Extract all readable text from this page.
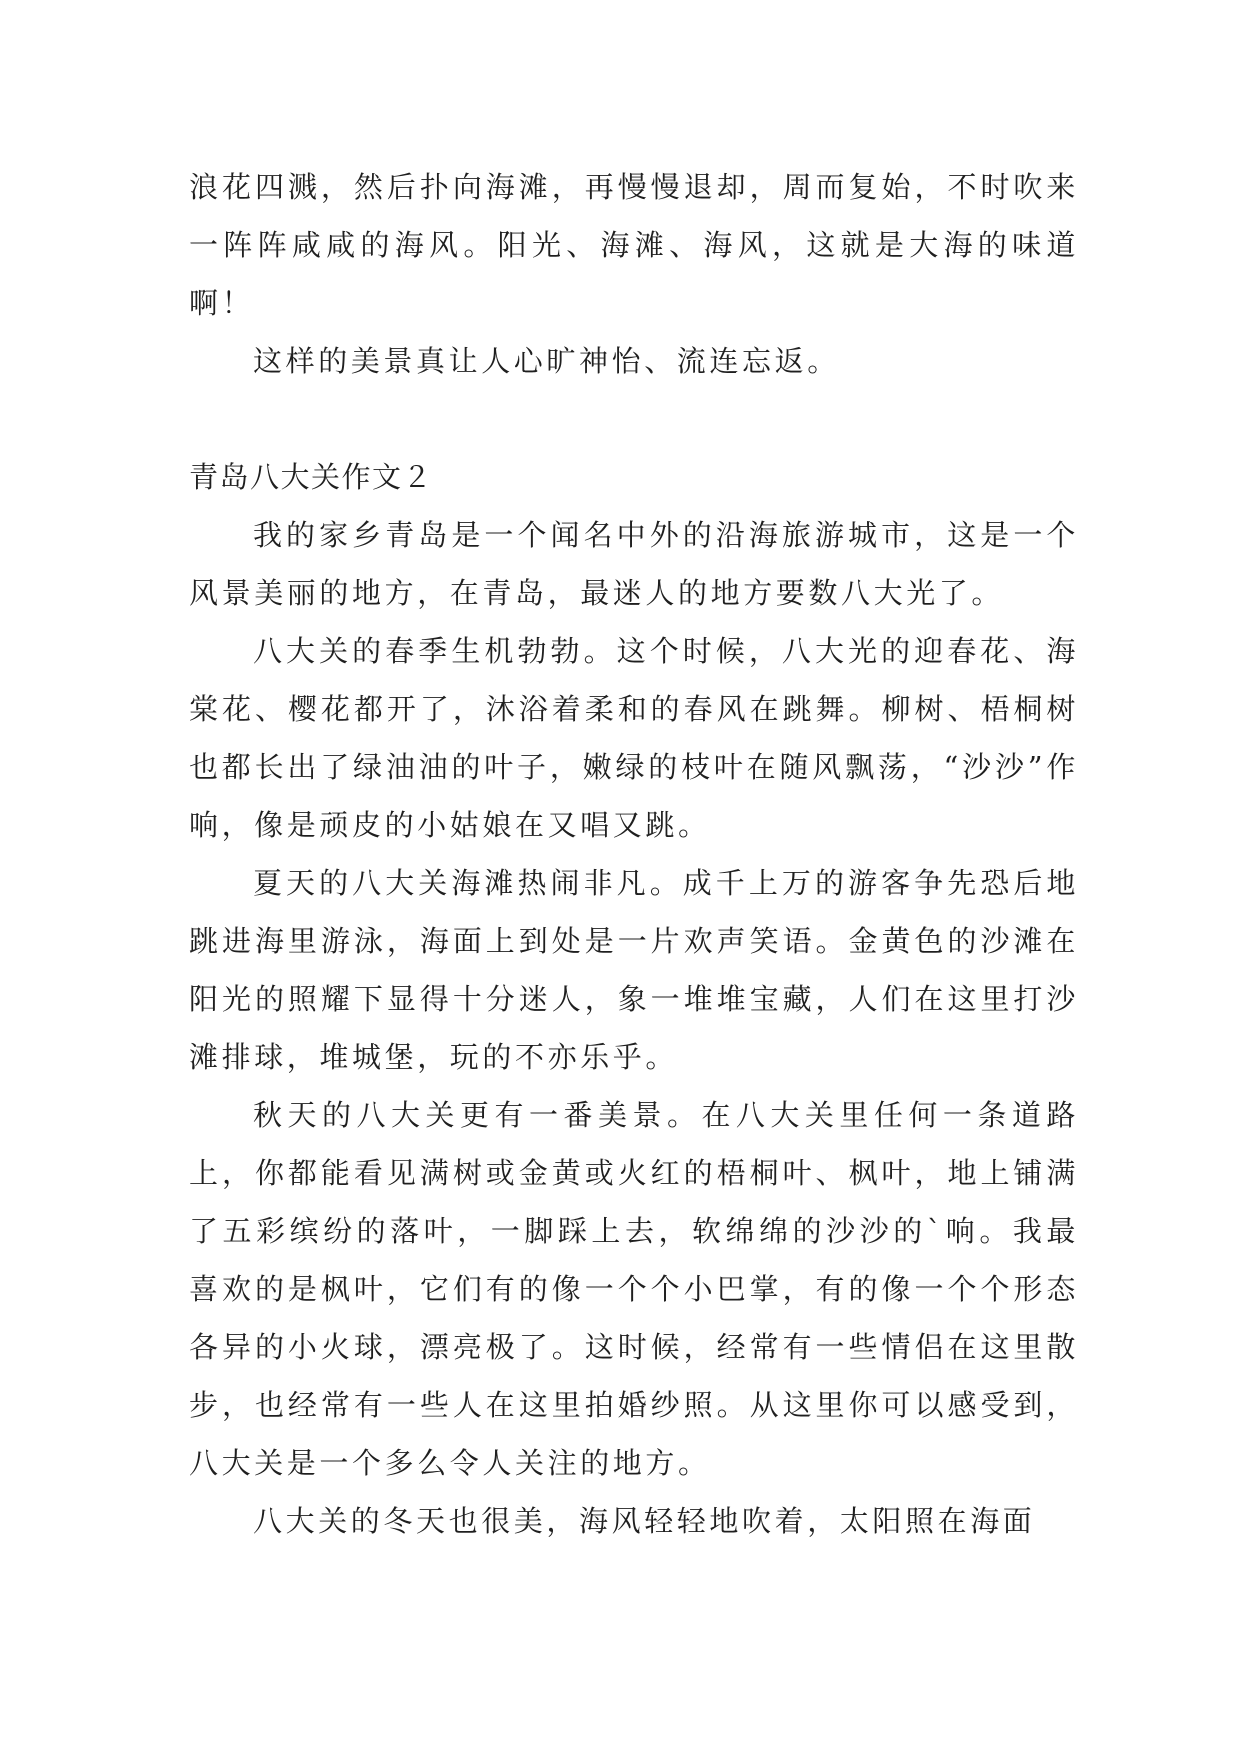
浪花四溅，然后扑向海滩，再慢慢退却，周而复始，不时吹来一阵阵咸咸的海风。阳光、海滩、海风，这就是大海的味道啊！

这样的美景真让人心旷神怡、流连忘返。

青岛八大关作文２

我的家乡青岛是一个闻名中外的沿海旅游城市，这是一个风景美丽的地方，在青岛，最迷人的地方要数八大光了。

八大关的春季生机勃勃。这个时候，八大光的迎春花、海棠花、樱花都开了，沐浴着柔和的春风在跳舞。柳树、梧桐树也都长出了绿油油的叶子，嫩绿的枝叶在随风飘荡，“沙沙”作响，像是顽皮的小姑娘在又唱又跳。

夏天的八大关海滩热闹非凡。成千上万的游客争先恐后地跳进海里游泳，海面上到处是一片欢声笑语。金黄色的沙滩在阳光的照耀下显得十分迷人，象一堆堆宝藏，人们在这里打沙滩排球，堆城堡，玩的不亦乐乎。

秋天的八大关更有一番美景。在八大关里任何一条道路上，你都能看见满树或金黄或火红的梧桐叶、枫叶，地上铺满了五彩缤纷的落叶，一脚踩上去，软绵绵的沙沙的`响。我最喜欢的是枫叶，它们有的像一个个小巴掌，有的像一个个形态各异的小火球，漂亮极了。这时候，经常有一些情侣在这里散步，也经常有一些人在这里拍婚纱照。从这里你可以感受到，八大关是一个多么令人关注的地方。

八大关的冬天也很美，海风轻轻地吹着，太阳照在海面
